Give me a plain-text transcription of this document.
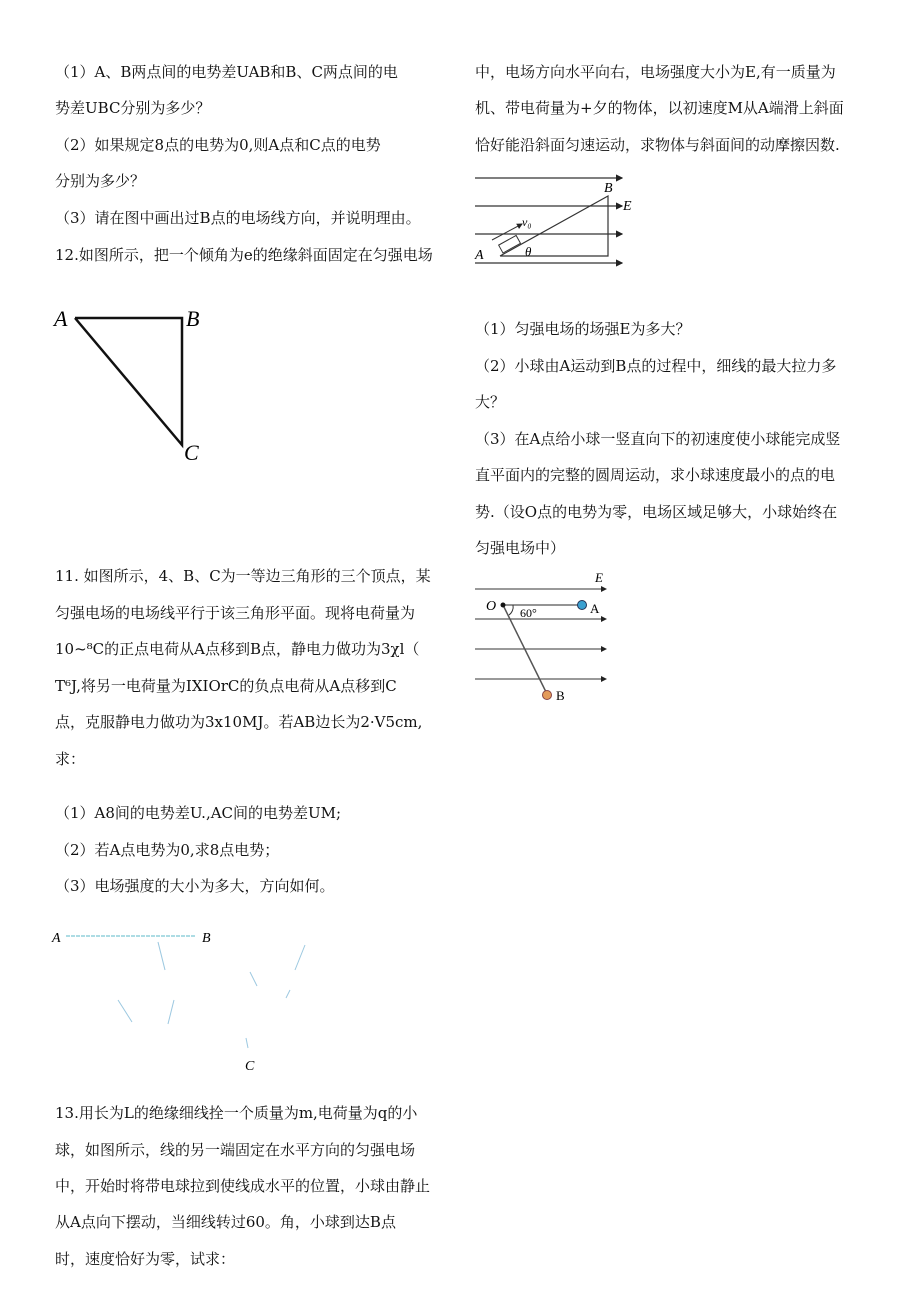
（1）A、B两点间的电势差UAB和B、C两点间的电
势差UBC分别为多少？
（2）如果规定8点的电势为0,则A点和C点的电势
分别为多少？
（3）请在图中画出过B点的电场线方向，并说明理由。
12.如图所示，把一个倾角为e的绝缘斜面固定在匀强电场
A	B
C
11. 如图所示，4、B、C为一等边三角形的三个顶点，某
匀强电场的电场线平行于该三角形平面。现将电荷量为
10~⁸C的正点电荷从A点移到B点，静电力做功为3χl（
T⁶J,将另一电荷量为IXIOrC的负点电荷从A点移到C
点，克服静电力做功为3x10MJ。若AB边长为2·V5cm,
求：
（1）A8间的电势差U.,AC间的电势差UM;
（2）若A点电势为0,求8点电势；
（3）电场强度的大小为多大，方向如何。
A	B
C
13.用长为L的绝缘细线拴一个质量为m,电荷量为q的小
球，如图所示，线的另一端固定在水平方向的匀强电场
中，开始时将带电球拉到使线成水平的位置，小球由静止
从A点向下摆动，当细线转过60。角，小球到达B点
时，速度恰好为零，试求：
中，电场方向水平向右，电场强度大小为E,有一质量为
机、带电荷量为+夕的物体，以初速度M从A端滑上斜面
恰好能沿斜面匀速运动，求物体与斜面间的动摩擦因数.
A
B
E
v₀
θ
（1）匀强电场的场强E为多大？
（2）小球由A运动到B点的过程中，细线的最大拉力多
大？
（3）在A点给小球一竖直向下的初速度使小球能完成竖
直平面内的完整的圆周运动，求小球速度最小的点的电
势.（设O点的电势为零，电场区域足够大，小球始终在
匀强电场中）
O	A
B
E
60°
